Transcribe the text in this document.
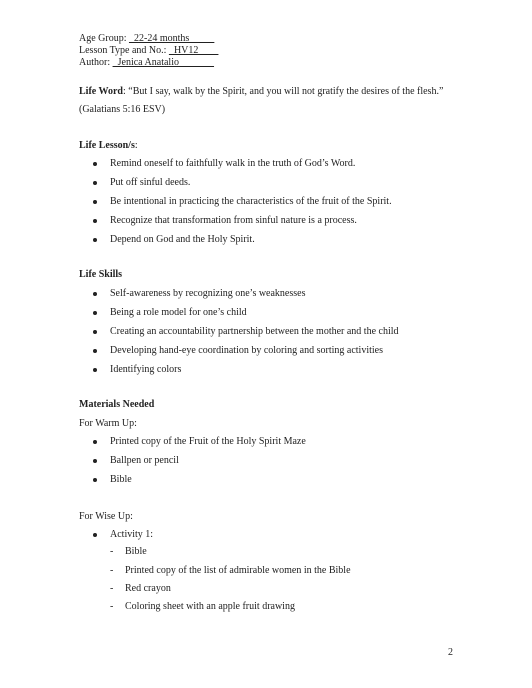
Age Group: _22-24 months_____
Lesson Type and No.: _HV12____
Author: _Jenica Anatalio_______
Life Word: “But I say, walk by the Spirit, and you will not gratify the desires of the flesh.”
(Galatians 5:16 ESV)
Life Lesson/s:
Remind oneself to faithfully walk in the truth of God’s Word.
Put off sinful deeds.
Be intentional in practicing the characteristics of the fruit of the Spirit.
Recognize that transformation from sinful nature is a process.
Depend on God and the Holy Spirit.
Life Skills
Self-awareness by recognizing one’s weaknesses
Being a role model for one’s child
Creating an accountability partnership between the mother and the child
Developing hand-eye coordination by coloring and sorting activities
Identifying colors
Materials Needed
For Warm Up:
Printed copy of the Fruit of the Holy Spirit Maze
Ballpen or pencil
Bible
For Wise Up:
Activity 1:
- Bible
- Printed copy of the list of admirable women in the Bible
- Red crayon
- Coloring sheet with an apple fruit drawing
2
